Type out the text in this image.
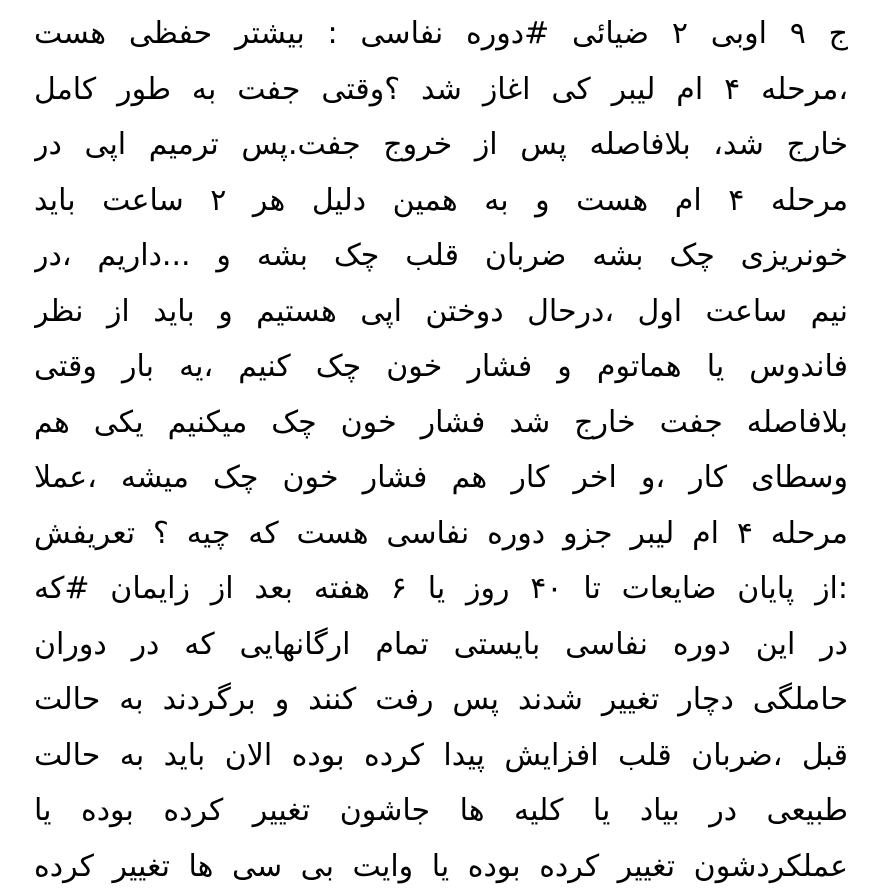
ج ۹ اوبی ۲ ضیائی #دوره نفاسی : بیشتر حفظی هست
،مرحله ۴ ام لیبر کی اغاز شد ؟وقتی جفت به طور کامل
خارج شد، بلافاصله پس از خروج جفت.پس ترمیم اپی در
مرحله ۴ ام هست و به همین دلیل هر ۲ ساعت باید
خونریزی چک بشه ضربان قلب چک بشه و ...داریم ،در
نیم ساعت اول ،درحال دوختن اپی هستیم و باید از نظر
فاندوس یا هماتوم و فشار خون چک کنیم ،یه بار وقتی
بلافاصله جفت خارج شد فشار خون چک میکنیم یکی هم
وسطای کار ،و اخر کار هم فشار خون چک میشه ،عملا
مرحله ۴ ام لیبر جزو دوره نفاسی هست که چیه ؟ تعریفش
:از پایان ضایعات تا ۴۰ روز یا ۶ هفته بعد از زایمان #که
در این دوره نفاسی بایستی تمام ارگانهایی که در دوران
حاملگی دچار تغییر شدند پس رفت کنند و برگردند به حالت
قبل ،ضربان قلب افزایش پیدا کرده بوده الان باید به حالت
طبیعی در بیاد یا کلیه ها جاشون تغییر کرده بوده یا
عملکردشون تغییر کرده بوده یا وایت بی سی ها تغییر کرده
